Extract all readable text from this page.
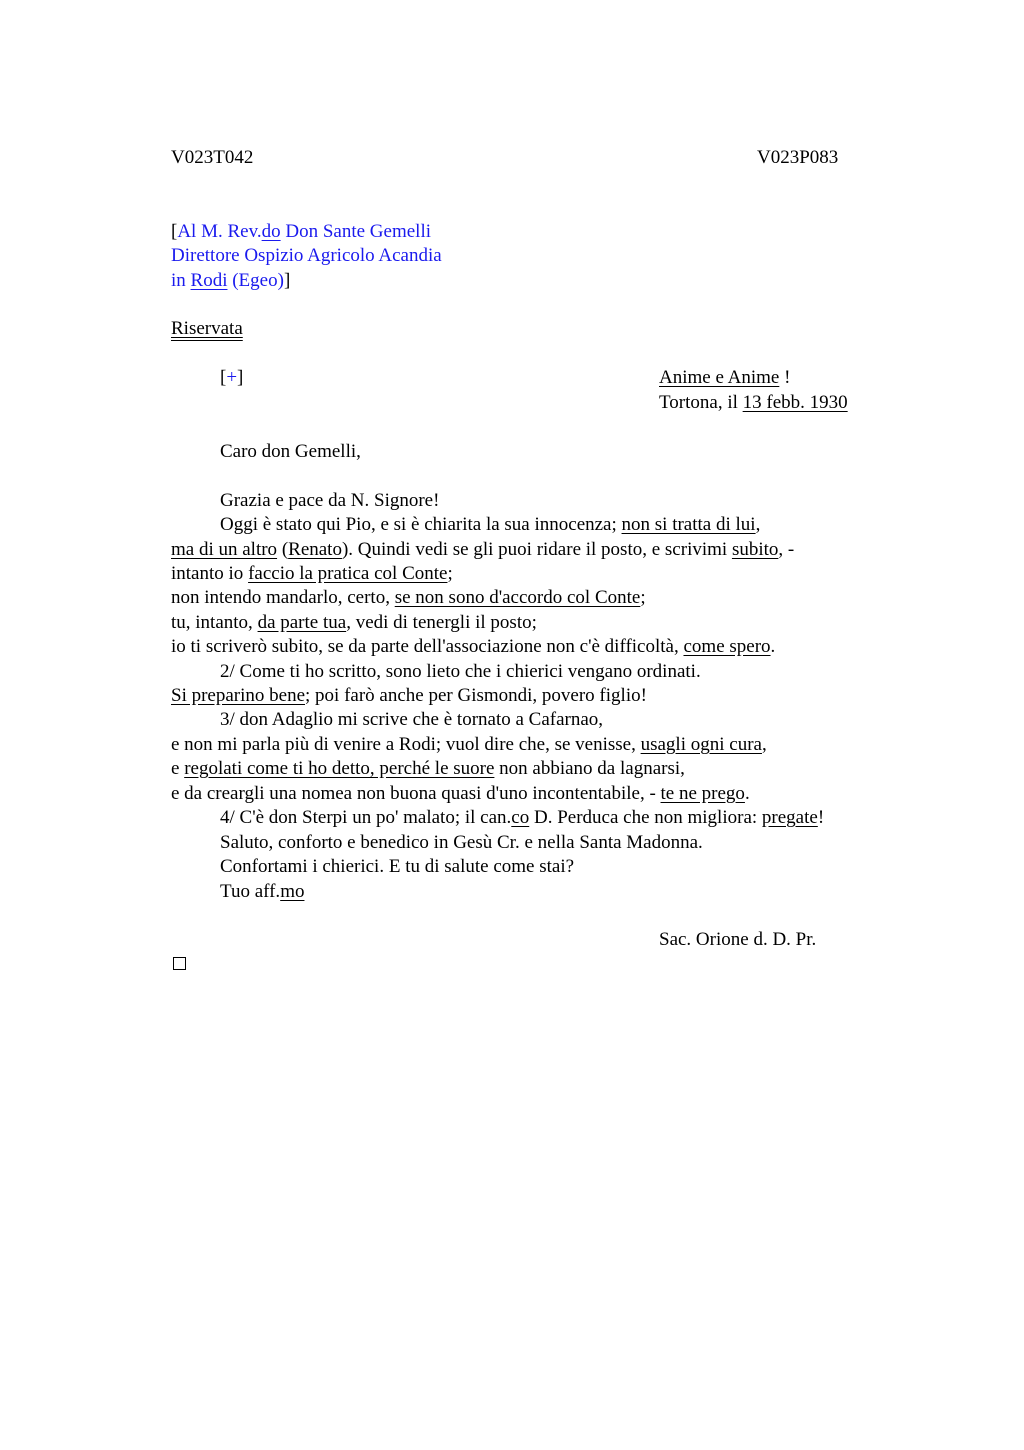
V023T042	V023P083
[Al M. Rev.do Don Sante Gemelli
Direttore Ospizio Agricolo Acandia
in Rodi (Egeo)]
Riservata
[+]	Anime e Anime !
Tortona, il 13 febb. 1930
Caro don Gemelli,
Grazia e pace da N. Signore!
Oggi è stato qui Pio, e si è chiarita la sua innocenza; non si tratta di lui,
ma di un altro (Renato). Quindi vedi se gli puoi ridare il posto, e scrivimi subito, -
intanto io faccio la pratica col Conte;
non intendo mandarlo, certo, se non sono d'accordo col Conte;
tu, intanto, da parte tua, vedi di tenergli il posto;
io ti scriverò subito, se da parte dell'associazione non c'è difficoltà, come spero.
2/ Come ti ho scritto, sono lieto che i chierici vengano ordinati.
Si preparino bene; poi farò anche per Gismondi, povero figlio!
3/ don Adaglio mi scrive che è tornato a Cafarnao,
e non mi parla più di venire a Rodi; vuol dire che, se venisse, usagli ogni cura,
e regolati come ti ho detto, perché le suore non abbiano da lagnarsi,
e da creargli una nomea non buona quasi d'uno incontentabile, - te ne prego.
4/ C'è don Sterpi un po' malato; il can.co D. Perduca che non migliora: pregate!
Saluto, conforto e benedico in Gesù Cr. e nella Santa Madonna.
Confortami i chierici. E tu di salute come stai?
Tuo aff.mo
Sac. Orione d. D. Pr.
